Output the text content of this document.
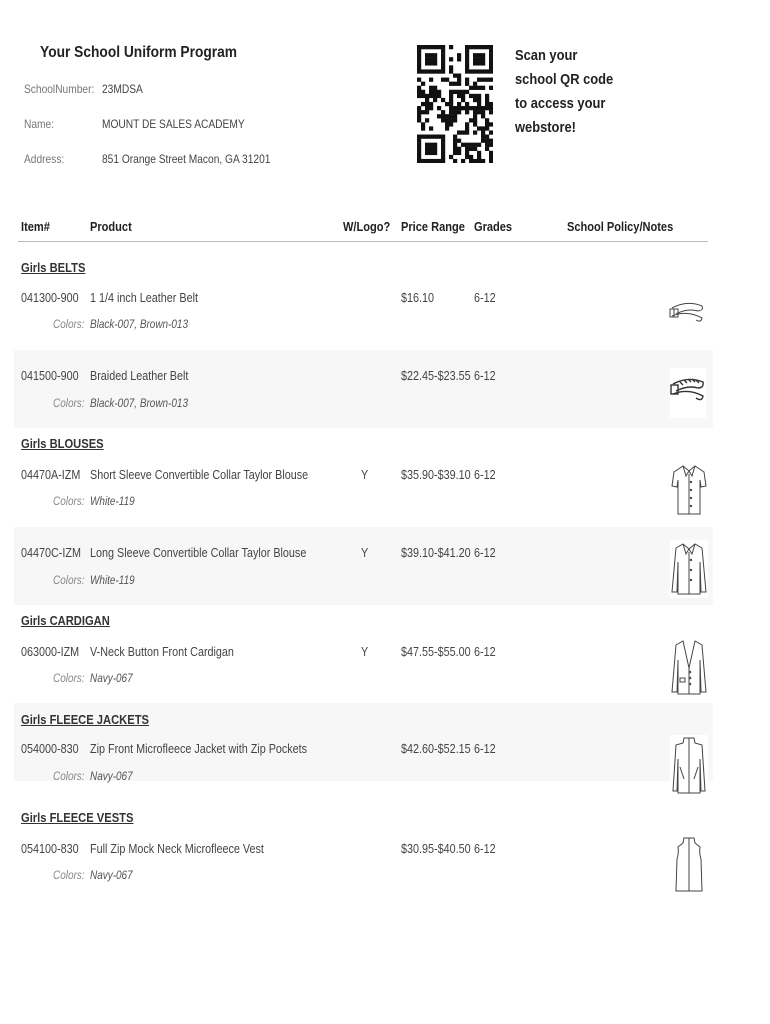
Your School Uniform Program
SchoolNumber: 23MDSA
Name:	MOUNT DE SALES ACADEMY
Address:	851 Orange Street Macon, GA 31201
Scan your
school QR code
to access your
webstore!
Item#	Product	W/Logo? Price Range Grades	School Policy/Notes
Girls BELTS
041300-900 1 1/4 inch Leather Belt	$16.10	6-12
Colors: Black-007, Brown-013
041500-900 Braided Leather Belt	$22.45-$23.55 6-12
Colors: Black-007, Brown-013
Girls BLOUSES
04470A-IZM Short Sleeve Convertible Collar Taylor Blouse	Y	$35.90-$39.10 6-12
Colors: White-119
04470C-IZM Long Sleeve Convertible Collar Taylor Blouse	Y	$39.10-$41.20 6-12
Colors: White-119
Girls CARDIGAN
063000-IZM V-Neck Button Front Cardigan	Y	$47.55-$55.00 6-12
Colors: Navy-067
Girls FLEECE JACKETS
054000-830 Zip Front Microfleece Jacket with Zip Pockets	$42.60-$52.15 6-12
Colors: Navy-067
Girls FLEECE VESTS
054100-830 Full Zip Mock Neck Microfleece Vest	$30.95-$40.50 6-12
Colors: Navy-067
